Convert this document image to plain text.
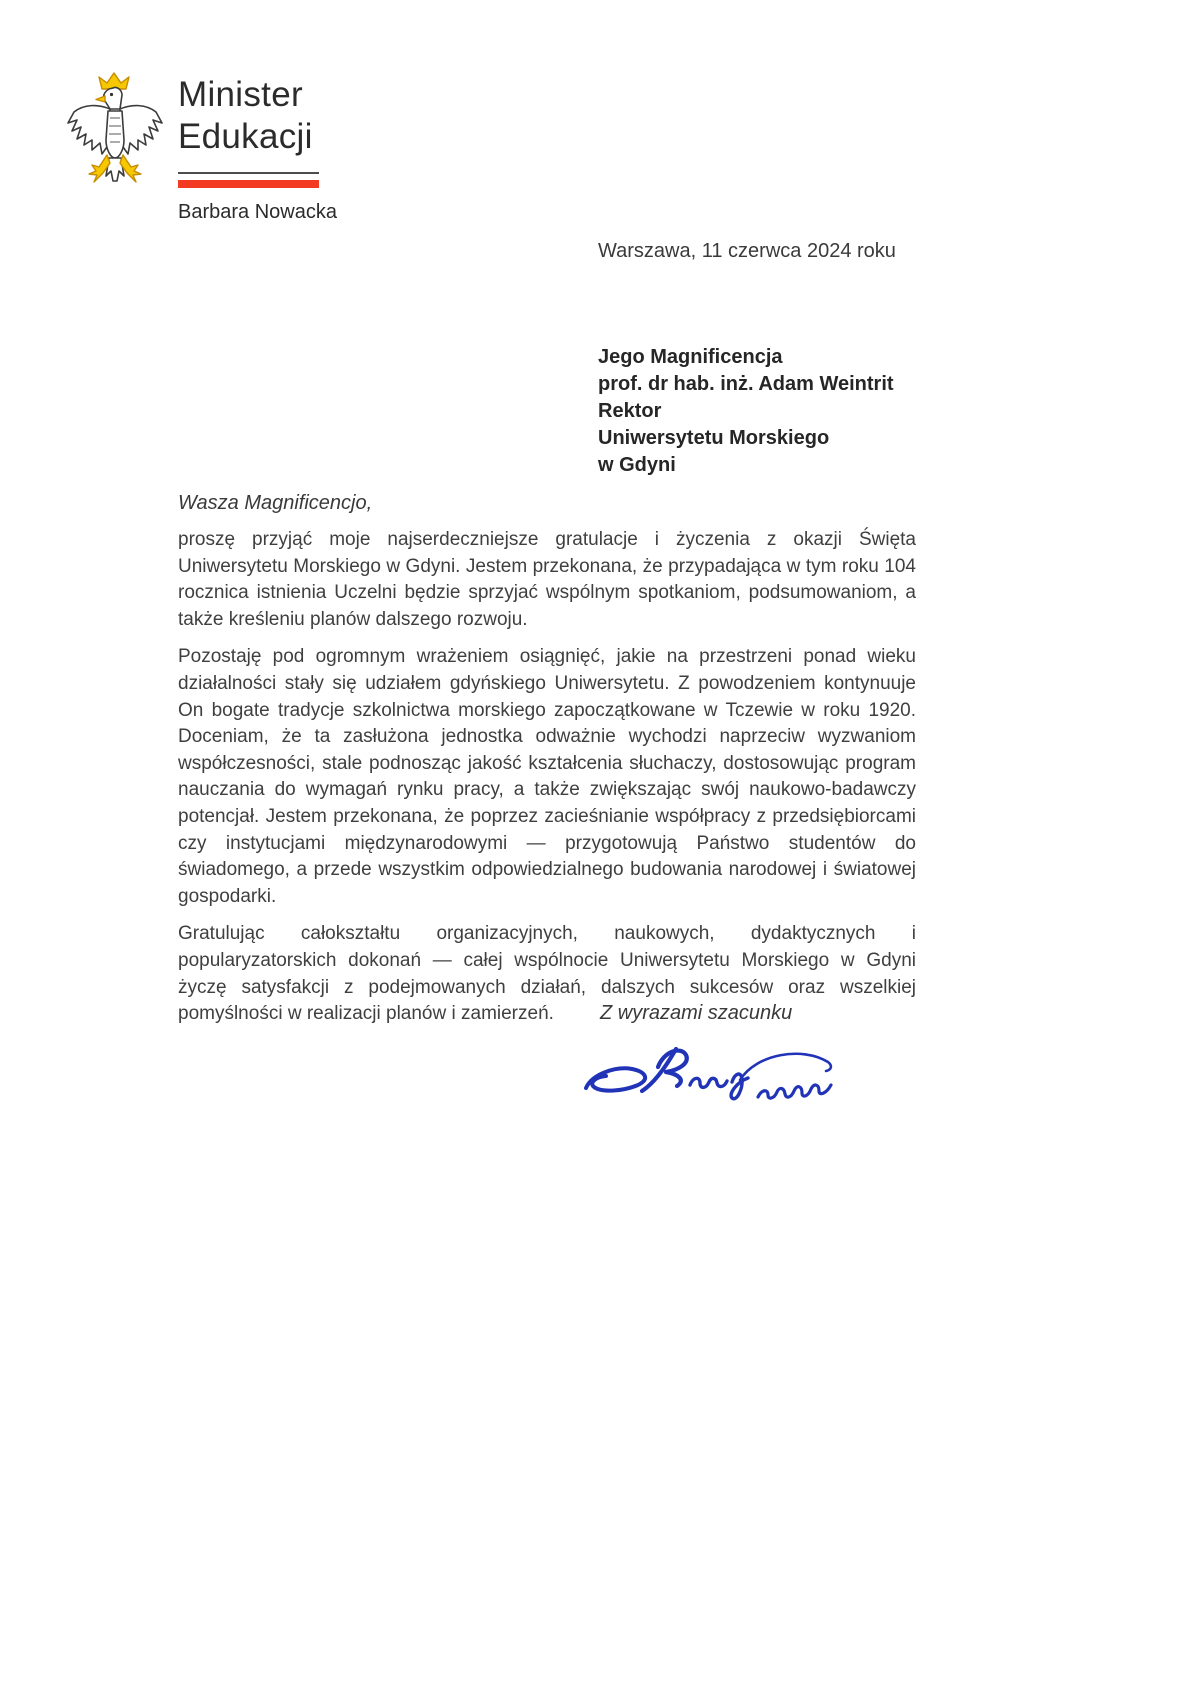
Minister
Edukacji
Barbara Nowacka
Warszawa, 11 czerwca 2024 roku
Jego Magnificencja
prof. dr hab. inż. Adam Weintrit
Rektor
Uniwersytetu Morskiego
w Gdyni
Wasza Magnificencjo,

proszę przyjąć moje najserdeczniejsze gratulacje i życzenia z okazji Święta Uniwersytetu Morskiego w Gdyni. Jestem przekonana, że przypadająca w tym roku 104 rocznica istnienia Uczelni będzie sprzyjać wspólnym spotkaniom, podsumowaniom, a także kreśleniu planów dalszego rozwoju.

Pozostaję pod ogromnym wrażeniem osiągnięć, jakie na przestrzeni ponad wieku działalności stały się udziałem gdyńskiego Uniwersytetu. Z powodzeniem kontynuuje On bogate tradycje szkolnictwa morskiego zapoczątkowane w Tczewie w roku 1920. Doceniam, że ta zasłużona jednostka odważnie wychodzi naprzeciw wyzwaniom współczesności, stale podnosząc jakość kształcenia słuchaczy, dostosowując program nauczania do wymagań rynku pracy, a także zwiększając swój naukowo-badawczy potencjał. Jestem przekonana, że poprzez zacieśnianie współpracy z przedsiębiorcami czy instytucjami międzynarodowymi — przygotowują Państwo studentów do świadomego, a przede wszystkim odpowiedzialnego budowania narodowej i światowej gospodarki.

Gratulując całokształtu organizacyjnych, naukowych, dydaktycznych i popularyzatorskich dokonań — całej wspólnocie Uniwersytetu Morskiego w Gdyni życzę satysfakcji z podejmowanych działań, dalszych sukcesów oraz wszelkiej pomyślności w realizacji planów i zamierzeń.	Z wyrazami szacunku
